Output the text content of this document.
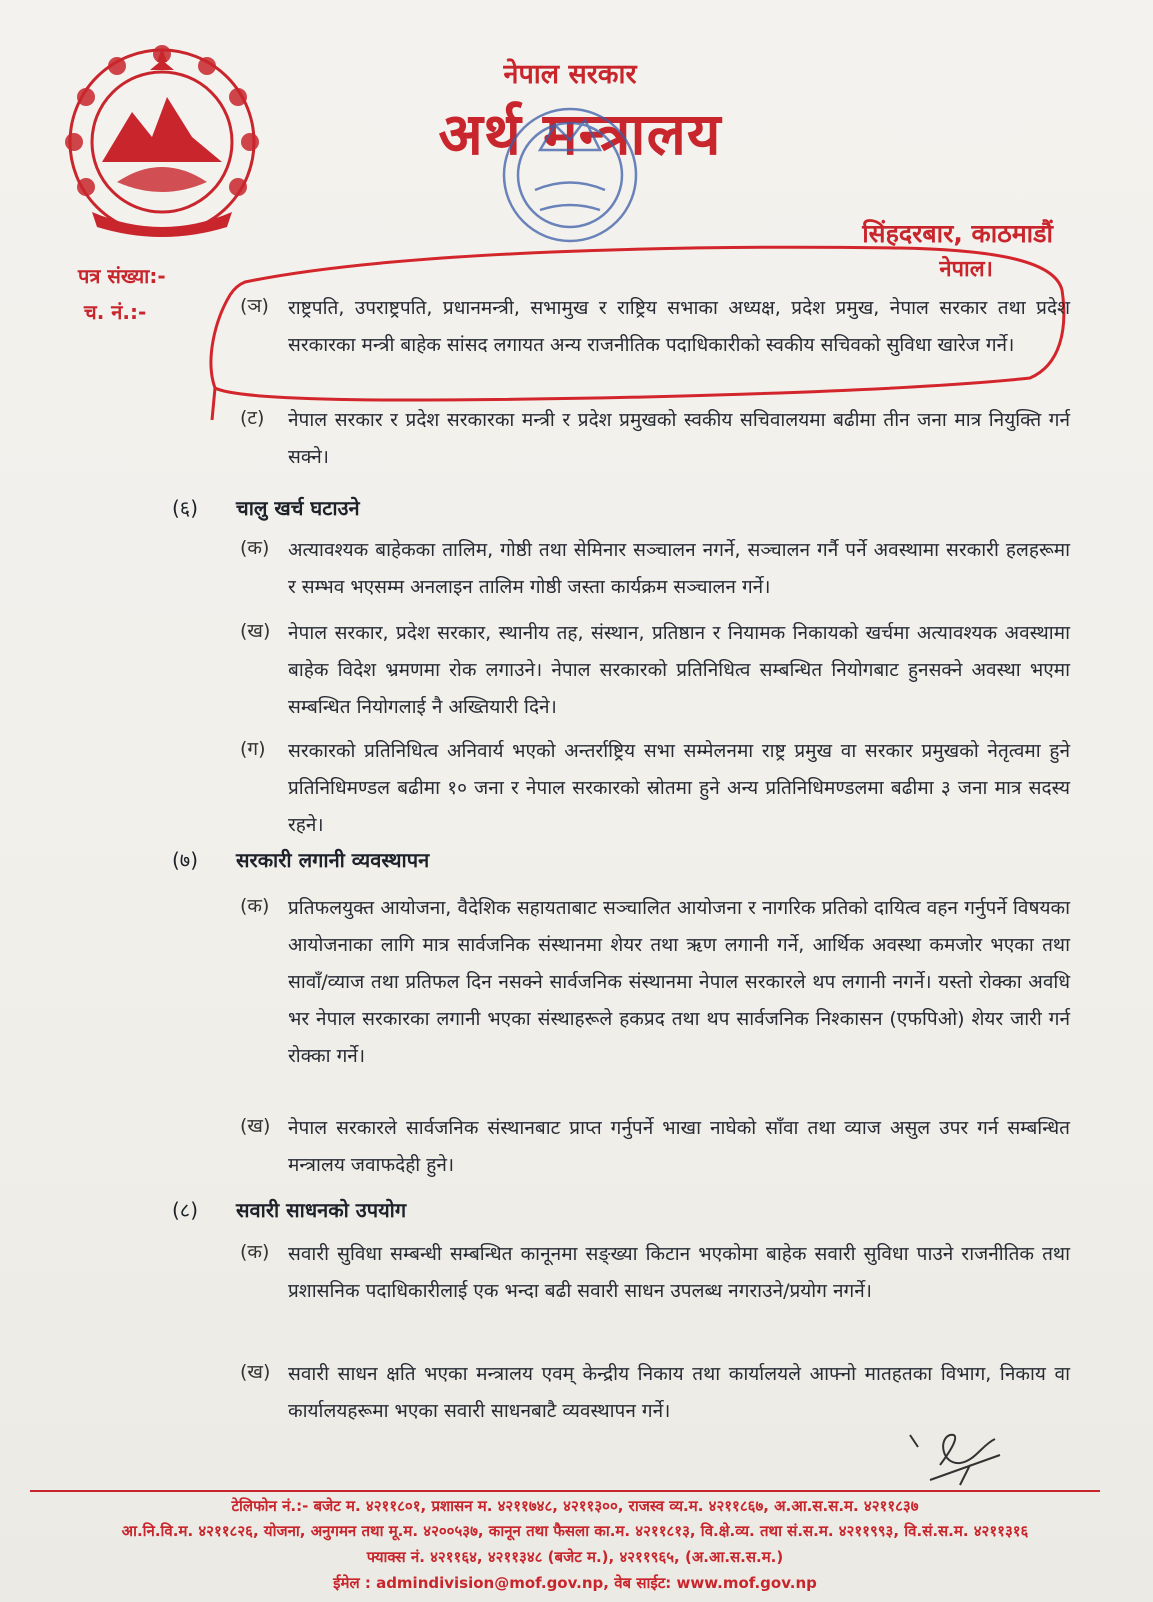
नेपाल सरकार
अर्थ मन्त्रालय
सिंहदरबार, काठमाडौं
नेपाल।
पत्र संख्या:-
च. नं.:-	(ञ) राष्ट्रपति, उपराष्ट्रपति, प्रधानमन्त्री, सभामुख र राष्ट्रिय सभाका अध्यक्ष, प्रदेश प्रमुख, नेपाल सरकार तथा प्रदेश सरकारका मन्त्री बाहेक सांसद लगायत अन्य राजनीतिक पदाधिकारीको स्वकीय सचिवको सुविधा खारेज गर्ने।
(ट) नेपाल सरकार र प्रदेश सरकारका मन्त्री र प्रदेश प्रमुखको स्वकीय सचिवालयमा बढीमा तीन जना मात्र नियुक्ति गर्न सक्ने।
(६) चालु खर्च घटाउने
(क) अत्यावश्यक बाहेकका तालिम, गोष्ठी तथा सेमिनार सञ्चालन नगर्ने, सञ्चालन गर्नै पर्ने अवस्थामा सरकारी हलहरूमा र सम्भव भएसम्म अनलाइन तालिम गोष्ठी जस्ता कार्यक्रम सञ्चालन गर्ने।
(ख) नेपाल सरकार, प्रदेश सरकार, स्थानीय तह, संस्थान, प्रतिष्ठान र नियामक निकायको खर्चमा अत्यावश्यक अवस्थामा बाहेक विदेश भ्रमणमा रोक लगाउने। नेपाल सरकारको प्रतिनिधित्व सम्बन्धित नियोगबाट हुनसक्ने अवस्था भएमा सम्बन्धित नियोगलाई नै अख्तियारी दिने।
(ग) सरकारको प्रतिनिधित्व अनिवार्य भएको अन्तर्राष्ट्रिय सभा सम्मेलनमा राष्ट्र प्रमुख वा सरकार प्रमुखको नेतृत्वमा हुने प्रतिनिधिमण्डल बढीमा १० जना र नेपाल सरकारको स्रोतमा हुने अन्य प्रतिनिधिमण्डलमा बढीमा ३ जना मात्र सदस्य रहने।
(७) सरकारी लगानी व्यवस्थापन
(क) प्रतिफलयुक्त आयोजना, वैदेशिक सहायताबाट सञ्चालित आयोजना र नागरिक प्रतिको दायित्व वहन गर्नुपर्ने विषयका आयोजनाका लागि मात्र सार्वजनिक संस्थानमा शेयर तथा ऋण लगानी गर्ने, आर्थिक अवस्था कमजोर भएका तथा सावाँ/व्याज तथा प्रतिफल दिन नसक्ने सार्वजनिक संस्थानमा नेपाल सरकारले थप लगानी नगर्ने। यस्तो रोक्का अवधि भर नेपाल सरकारका लगानी भएका संस्थाहरूले हकप्रद तथा थप सार्वजनिक निश्कासन (एफपिओ) शेयर जारी गर्न रोक्का गर्ने।
(ख) नेपाल सरकारले सार्वजनिक संस्थानबाट प्राप्त गर्नुपर्ने भाखा नाघेको साँवा तथा व्याज असुल उपर गर्न सम्बन्धित मन्त्रालय जवाफदेही हुने।
(८) सवारी साधनको उपयोग
(क) सवारी सुविधा सम्बन्धी सम्बन्धित कानूनमा सङ्ख्या किटान भएकोमा बाहेक सवारी सुविधा पाउने राजनीतिक तथा प्रशासनिक पदाधिकारीलाई एक भन्दा बढी सवारी साधन उपलब्ध नगराउने/प्रयोग नगर्ने।
(ख) सवारी साधन क्षति भएका मन्त्रालय एवम् केन्द्रीय निकाय तथा कार्यालयले आफ्नो मातहतका विभाग, निकाय वा कार्यालयहरूमा भएका सवारी साधनबाटै व्यवस्थापन गर्ने।
टेलिफोन नं.:- बजेट म. ४२११८०१, प्रशासन म. ४२११७४८, ४२११३००, राजस्व व्य.म. ४२११८६७, अ.आ.स.स.म. ४२११८३७
आ.नि.वि.म. ४२११८२६, योजना, अनुगमन तथा मू.म. ४२००५३७, कानून तथा फैसला का.म. ४२११८१३, वि.क्षे.व्य. तथा सं.स.म. ४२११९९३, वि.सं.स.म. ४२११३१६
फ्याक्स नं. ४२११६४, ४२११३४८ (बजेट म.), ४२११९६५, (अ.आ.स.स.म.)
ईमेल : admindivision@mof.gov.np, वेब साईट: www.mof.gov.np
